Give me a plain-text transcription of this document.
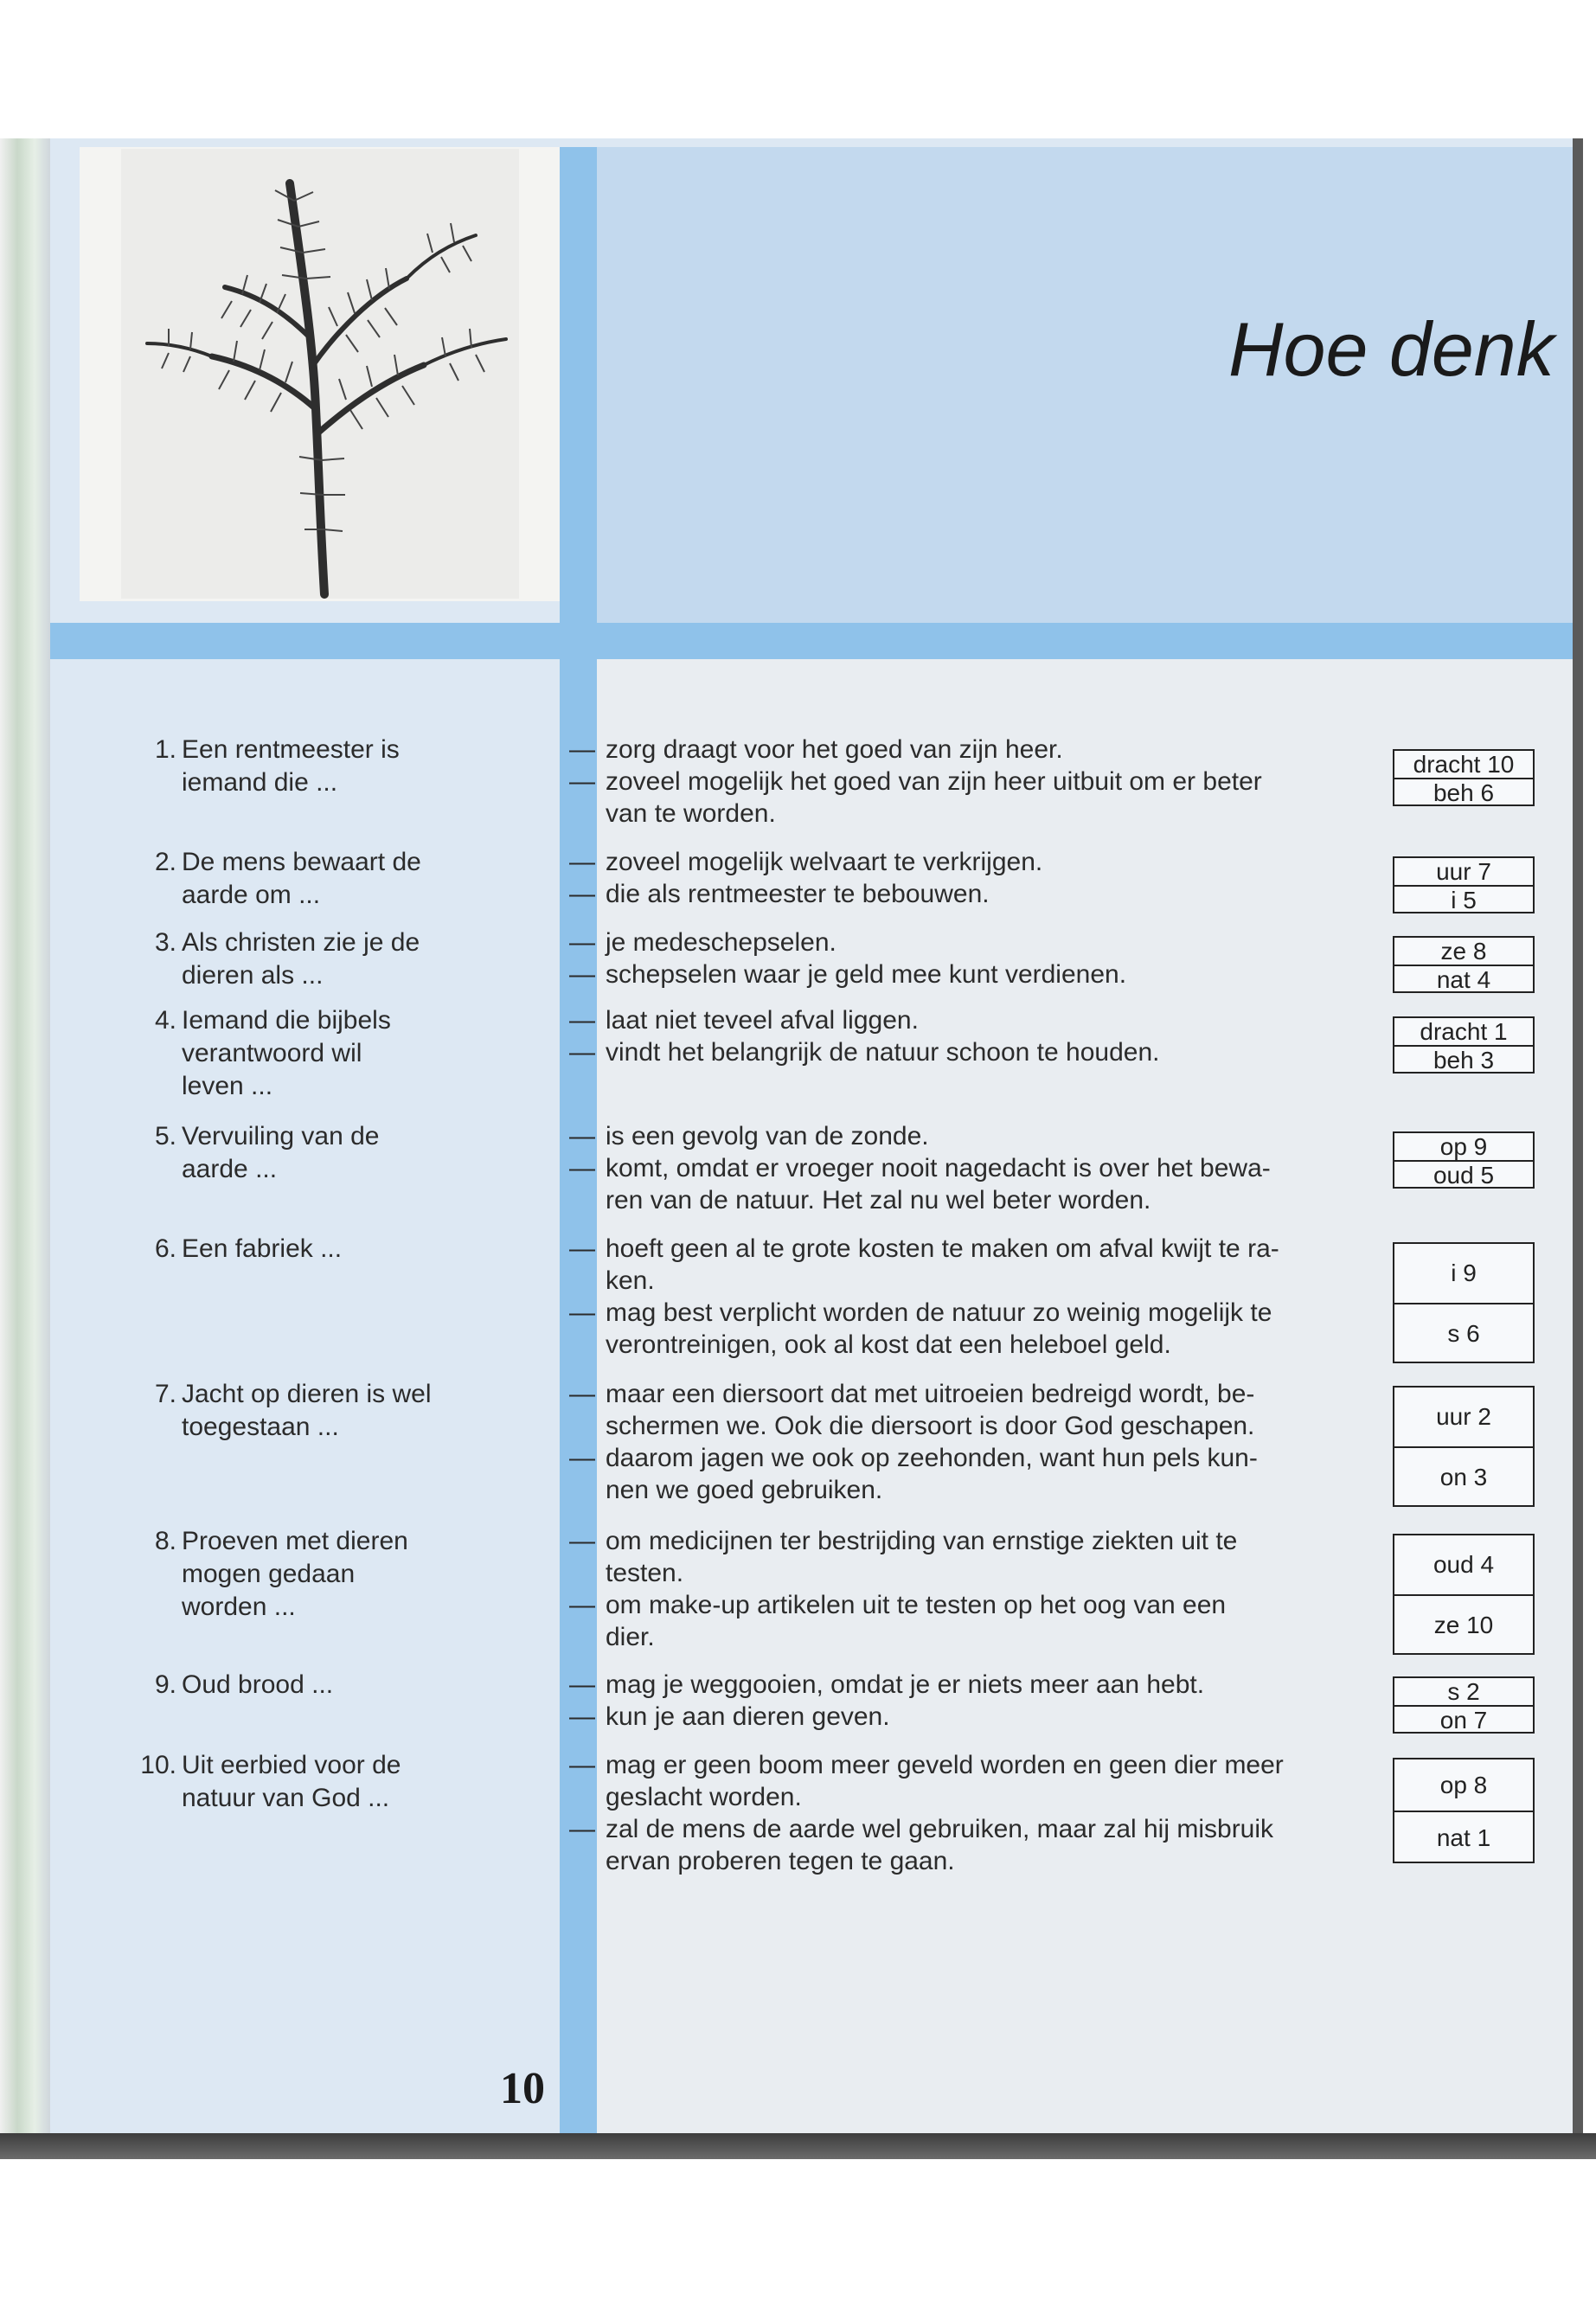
Hoe denk
1. Een rentmeester is
iemand die ...
— zorg draagt voor het goed van zijn heer.
— zoveel mogelijk het goed van zijn heer uitbuit om er beter
van te worden.
dracht 10
beh 6
2. De mens bewaart de
aarde om ...
— zoveel mogelijk welvaart te verkrijgen.
— die als rentmeester te bebouwen.
uur 7
i 5
3. Als christen zie je de
dieren als ...
— je medeschepselen.
— schepselen waar je geld mee kunt verdienen.
ze 8
nat 4
4. Iemand die bijbels
verantwoord wil
leven ...
— laat niet teveel afval liggen.
— vindt het belangrijk de natuur schoon te houden.
dracht 1
beh 3
5. Vervuiling van de
aarde ...
— is een gevolg van de zonde.
— komt, omdat er vroeger nooit nagedacht is over het bewa-
ren van de natuur. Het zal nu wel beter worden.
op 9
oud 5
6. Een fabriek ...	— hoeft geen al te grote kosten te maken om afval kwijt te ra-
ken.
— mag best verplicht worden de natuur zo weinig mogelijk te
verontreinigen, ook al kost dat een heleboel geld.
i 9
s 6
7. Jacht op dieren is wel
toegestaan ...
— maar een diersoort dat met uitroeien bedreigd wordt, be-
schermen we. Ook die diersoort is door God geschapen.
— daarom jagen we ook op zeehonden, want hun pels kun-
nen we goed gebruiken.
uur 2
on 3
8. Proeven met dieren
mogen gedaan
worden ...
— om medicijnen ter bestrijding van ernstige ziekten uit te
testen.
— om make-up artikelen uit te testen op het oog van een
dier.
oud 4
ze 10
9. Oud brood ...	— mag je weggooien, omdat je er niets meer aan hebt.
— kun je aan dieren geven.
s 2
on 7
10. Uit eerbied voor de
natuur van God ...
— mag er geen boom meer geveld worden en geen dier meer
geslacht worden.
— zal de mens de aarde wel gebruiken, maar zal hij misbruik
ervan proberen tegen te gaan.
op 8
nat 1
10
